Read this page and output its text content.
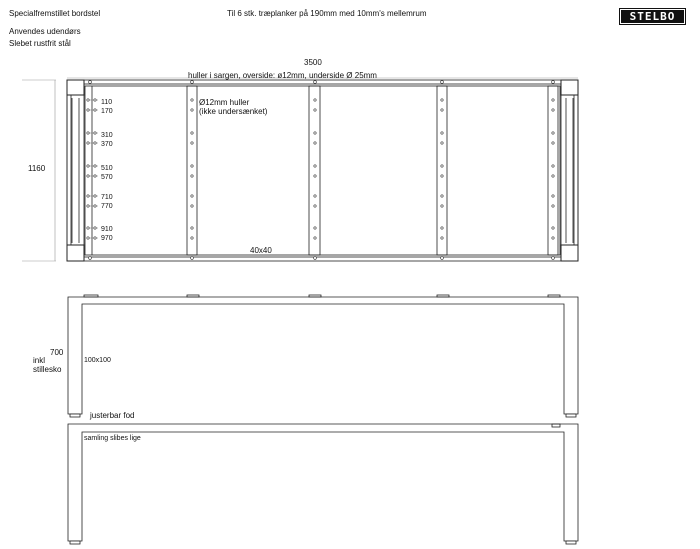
Specialfremstillet bordstel	Til 6 stk. træplanker på 190mm med 10mm's mellemrum
Anvendes udendørs
Slebet rustfrit stål
STELBO
3500
huller i sargen, overside: ø12mm, underside Ø 25mm
1160
Ø12mm huller
(ikke undersænket)
40x40
110
170
310
370
510
570
710
770
910
970
700
inkl
stillesko
100x100
justerbar fod
samling slibes lige
